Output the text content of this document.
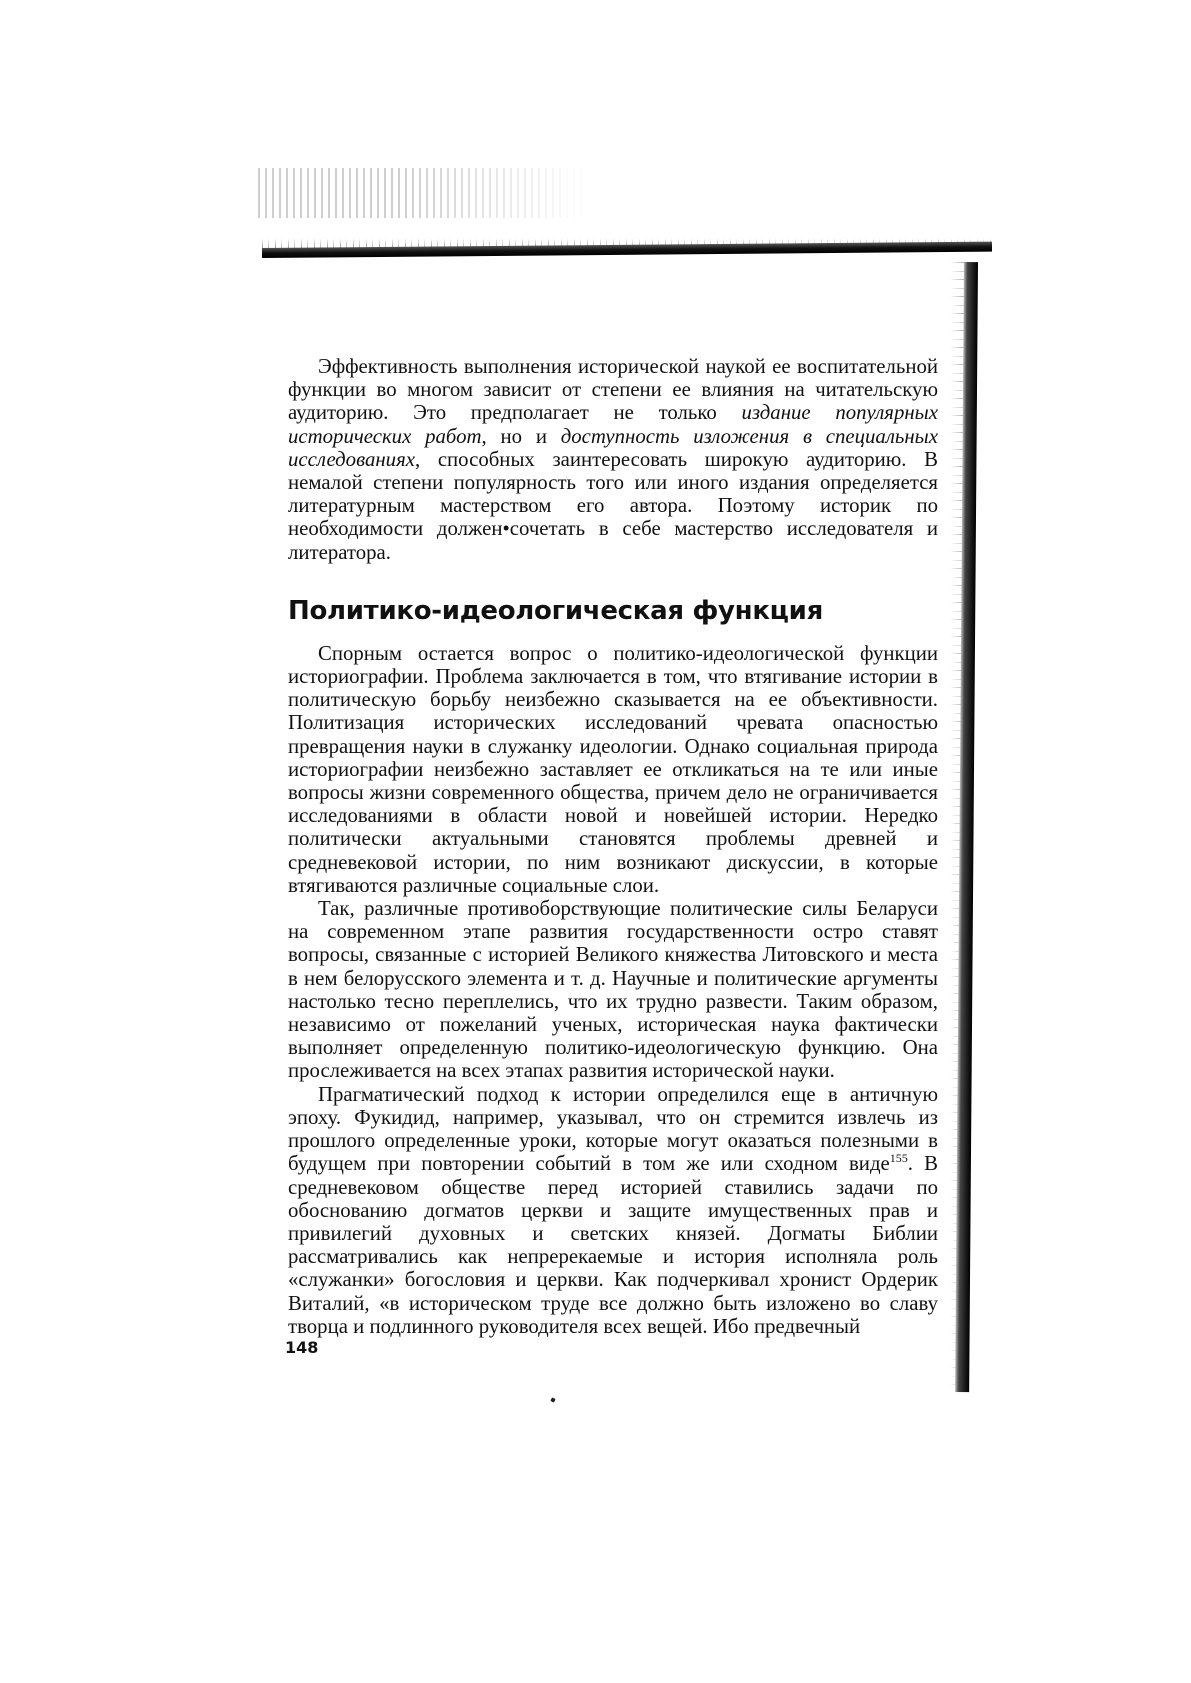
Эффективность выполнения исторической наукой ее воспитательной функции во многом зависит от степени ее влияния на читательскую аудиторию. Это предполагает не только издание популярных исторических работ, но и доступность изложения в специальных исследованиях, способных заинтересовать широкую аудиторию. В немалой степени популярность того или иного издания определяется литературным мастерством его автора. Поэтому историк по необходимости должен•сочетать в себе мастерство исследователя и литератора.

Политико-идеологическая функция

Спорным остается вопрос о политико-идеологической функции историографии. Проблема заключается в том, что втягивание истории в политическую борьбу неизбежно сказывается на ее объективности. Политизация исторических исследований чревата опасностью превращения науки в служанку идеологии. Однако социальная природа историографии неизбежно заставляет ее откликаться на те или иные вопросы жизни современного общества, причем дело не ограничивается исследованиями в области новой и новейшей истории. Нередко политически актуальными становятся проблемы древней и средневековой истории, по ним возникают дискуссии, в которые втягиваются различные социальные слои.

Так, различные противоборствующие политические силы Беларуси на современном этапе развития государственности остро ставят вопросы, связанные с историей Великого княжества Литовского и места в нем белорусского элемента и т. д. Научные и политические аргументы настолько тесно переплелись, что их трудно развести. Таким образом, независимо от пожеланий ученых, историческая наука фактически выполняет определенную политико-идеологическую функцию. Она прослеживается на всех этапах развития исторической науки.

Прагматический подход к истории определился еще в античную эпоху. Фукидид, например, указывал, что он стремится извлечь из прошлого определенные уроки, которые могут оказаться полезными в будущем при повторении событий в том же или сходном виде$^{155}$. В средневековом обществе перед историей ставились задачи по обоснованию догматов церкви и защите имущественных прав и привилегий духовных и светских князей. Догматы Библии рассматривались как непререкаемые и история исполняла роль «служанки» богословия и церкви. Как подчеркивал хронист Ордерик Виталий, «в историческом труде все должно быть изложено во славу творца и подлинного руководителя всех вещей. Ибо предвечный

148
